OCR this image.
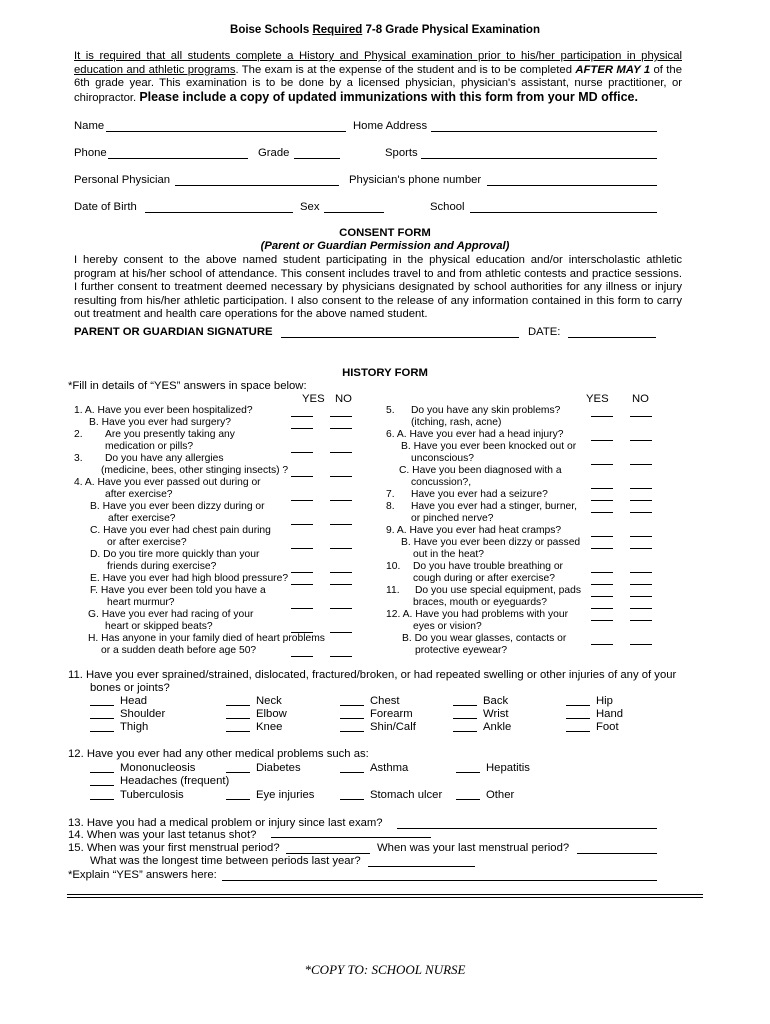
Boise Schools Required 7-8 Grade Physical Examination
It is required that all students complete a History and Physical examination prior to his/her participation in physical education and athletic programs. The exam is at the expense of the student and is to be completed AFTER MAY 1 of the 6th grade year. This examination is to be done by a licensed physician, physician's assistant, nurse practitioner, or chiropractor. Please include a copy of updated immunizations with this form from your MD office.
Name	Home Address
Phone	Grade	Sports
Personal Physician	Physician's phone number
Date of Birth	Sex	School
CONSENT FORM
(Parent or Guardian Permission and Approval)
I hereby consent to the above named student participating in the physical education and/or interscholastic athletic program at his/her school of attendance. This consent includes travel to and from athletic contests and practice sessions. I further consent to treatment deemed necessary by physicians designated by school authorities for any illness or injury resulting from his/her athletic participation. I also consent to the release of any information contained in this form to carry out treatment and health care operations for the above named student.
PARENT OR GUARDIAN SIGNATURE	DATE:
HISTORY FORM
*Fill in details of “YES” answers in space below:
YES NO	YES NO
1. A. Have you ever been hospitalized?
B. Have you ever had surgery?
2. Are you presently taking any
medication or pills?
3. Do you have any allergies
(medicine, bees, other stinging insects) ?
4. A. Have you ever passed out during or
after exercise?
B. Have you ever been dizzy during or
after exercise?
C. Have you ever had chest pain during
or after exercise?
D. Do you tire more quickly than your
friends during exercise?
E. Have you ever had high blood pressure?
F. Have you ever been told you have a
heart murmur?
G. Have you ever had racing of your
heart or skipped beats?
H. Has anyone in your family died of heart problems
or a sudden death before age 50?
5. Do you have any skin problems?
(itching, rash, acne)
6. A. Have you ever had a head injury?
B. Have you ever been knocked out or
unconscious?
C. Have you been diagnosed with a
concussion?,
7. Have you ever had a seizure?
8. Have you ever had a stinger, burner,
or pinched nerve?
9. A. Have you ever had heat cramps?
B. Have you ever been dizzy or passed
out in the heat?
10. Do you have trouble breathing or
cough during or after exercise?
11. Do you use special equipment, pads
braces, mouth or eyeguards?
12. A. Have you had problems with your
eyes or vision?
B. Do you wear glasses, contacts or
protective eyewear?
11. Have you ever sprained/strained, dislocated, fractured/broken, or had repeated swelling or other injuries of any of your
bones or joints?
Head	Neck	Chest	Back	Hip
Shoulder	Elbow	Forearm	Wrist	Hand
Thigh	Knee	Shin/Calf	Ankle	Foot
12. Have you ever had any other medical problems such as:
Mononucleosis	Diabetes	Asthma	Hepatitis
Headaches (frequent)
Tuberculosis	Eye injuries	Stomach ulcer	Other
13. Have you had a medical problem or injury since last exam?
14. When was your last tetanus shot?
15. When was your first menstrual period?	When was your last menstrual period?
What was the longest time between periods last year?
*Explain “YES” answers here:
*COPY TO: SCHOOL NURSE
